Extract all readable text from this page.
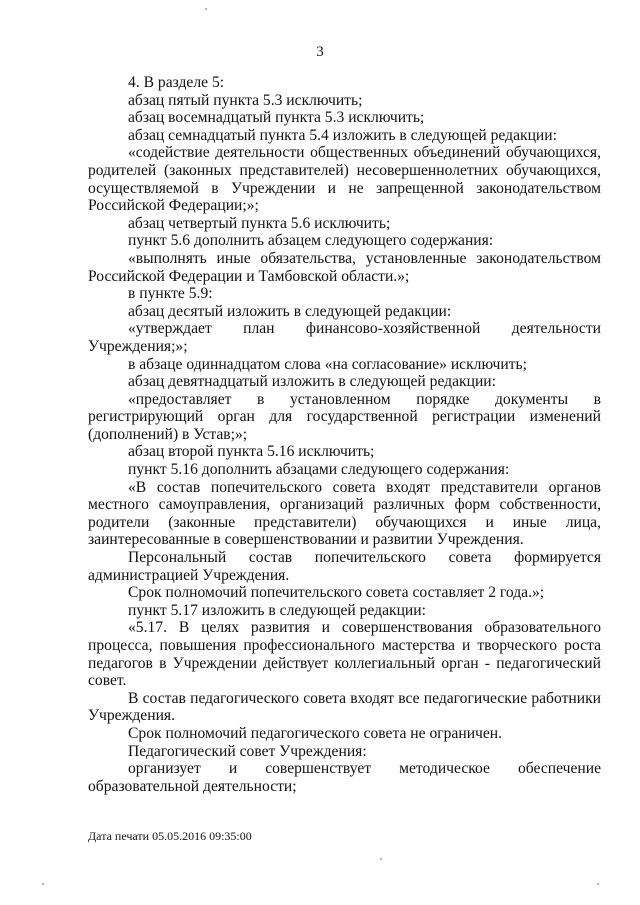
3

4. В разделе 5:

абзац пятый пункта 5.3 исключить;

абзац восемнадцатый пункта 5.3 исключить;

абзац семнадцатый пункта 5.4 изложить в следующей редакции:

«содействие деятельности общественных объединений обучающихся, родителей (законных представителей) несовершеннолетних обучающихся, осуществляемой в Учреждении и не запрещенной законодательством Российской Федерации;»;

абзац четвертый пункта 5.6 исключить;

пункт 5.6 дополнить абзацем следующего содержания:

«выполнять иные обязательства, установленные законодательством Российской Федерации и Тамбовской области.»;

в пункте 5.9:

абзац десятый изложить в следующей редакции:

«утверждает план финансово-хозяйственной деятельности Учреждения;»;

в абзаце одиннадцатом слова «на согласование» исключить;

абзац девятнадцатый изложить в следующей редакции:

«предоставляет в установленном порядке документы в регистрирующий орган для государственной регистрации изменений (дополнений) в Устав;»;

абзац второй пункта 5.16 исключить;

пункт 5.16 дополнить абзацами следующего содержания:

«В состав попечительского совета входят представители органов местного самоуправления, организаций различных форм собственности, родители (законные представители) обучающихся и иные лица, заинтересованные в совершенствовании и развитии Учреждения.

Персональный состав попечительского совета формируется администрацией Учреждения.

Срок полномочий попечительского совета составляет 2 года.»;

пункт 5.17 изложить в следующей редакции:

«5.17. В целях развития и совершенствования образовательного процесса, повышения профессионального мастерства и творческого роста педагогов в Учреждении действует коллегиальный орган - педагогический совет.

В состав педагогического совета входят все педагогические работники Учреждения.

Срок полномочий педагогического совета не ограничен.

Педагогический совет Учреждения:

организует и совершенствует методическое обеспечение образовательной деятельности;

Дата печати 05.05.2016 09:35:00
